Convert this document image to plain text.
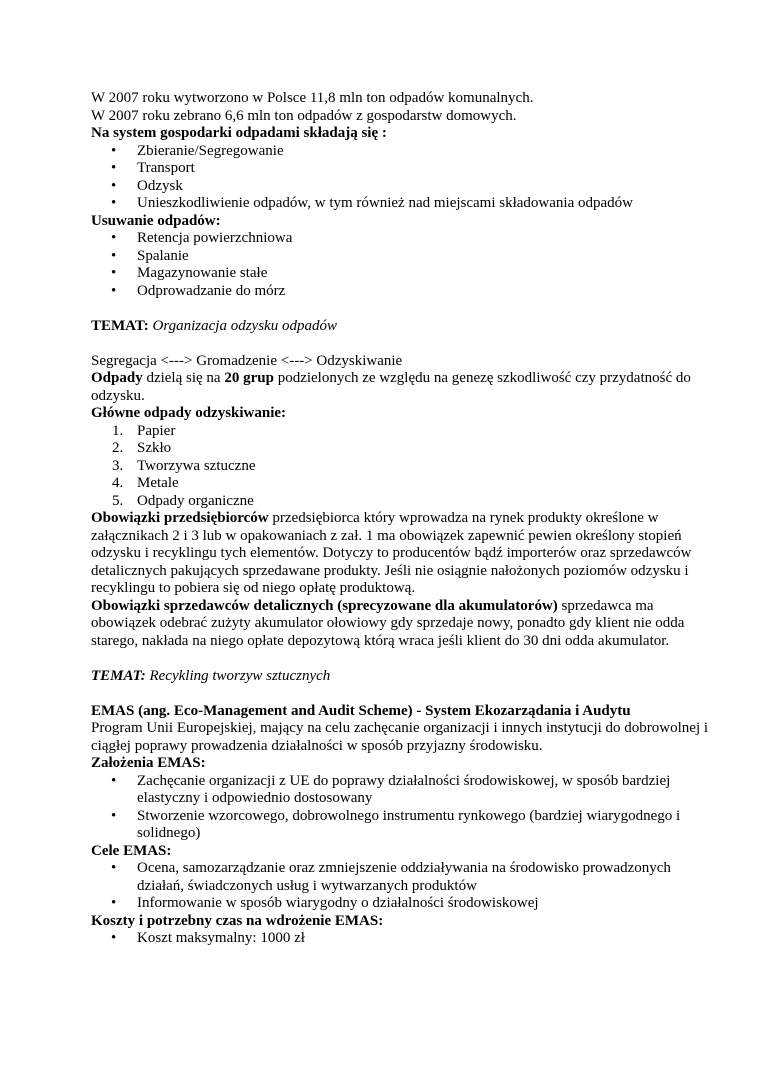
W 2007 roku wytworzono w Polsce 11,8 mln ton odpadów komunalnych.

W 2007 roku zebrano 6,6 mln ton odpadów z gospodarstw domowych.

Na system gospodarki odpadami składają się :

• Zbieranie/Segregowanie
• Transport
• Odzysk
• Unieszkodliwienie odpadów, w tym również nad miejscami składowania odpadów

Usuwanie odpadów:

• Retencja powierzchniowa
• Spalanie
• Magazynowanie stałe
• Odprowadzanie do mórz

TEMAT: Organizacja odzysku odpadów

Segregacja <---> Gromadzenie <---> Odzyskiwanie

Odpady dzielą się na 20 grup podzielonych ze względu na genezę szkodliwość czy przydatność do odzysku.

Główne odpady odzyskiwanie:

1. Papier
2. Szkło
3. Tworzywa sztuczne
4. Metale
5. Odpady organiczne

Obowiązki przedsiębiorców przedsiębiorca który wprowadza na rynek produkty określone w załącznikach 2 i 3 lub w opakowaniach z zał. 1 ma obowiązek zapewnić pewien określony stopień odzysku i recyklingu tych elementów. Dotyczy to producentów bądź importerów oraz sprzedawców detalicznych pakujących sprzedawane produkty. Jeśli nie osiągnie nałożonych poziomów odzysku i recyklingu to pobiera się od niego opłatę produktową.

Obowiązki sprzedawców detalicznych (sprecyzowane dla akumulatorów) sprzedawca ma obowiązek odebrać zużyty akumulator ołowiowy gdy sprzedaje nowy, ponadto gdy klient nie odda starego, nakłada na niego opłate depozytową którą wraca jeśli klient do 30 dni odda akumulator.

TEMAT: Recykling tworzyw sztucznych

EMAS (ang. Eco-Management and Audit Scheme) - System Ekozarządania i Audytu

Program Unii Europejskiej, mający na celu zachęcanie organizacji i innych instytucji do dobrowolnej i ciągłej poprawy prowadzenia działalności w sposób przyjazny środowisku.

Założenia EMAS:

• Zachęcanie organizacji z UE do poprawy działalności środowiskowej, w sposób bardziej elastyczny i odpowiednio dostosowany
• Stworzenie wzorcowego, dobrowolnego instrumentu rynkowego (bardziej wiarygodnego i solidnego)

Cele EMAS:

• Ocena, samozarządzanie oraz zmniejszenie oddziaływania na środowisko prowadzonych działań, świadczonych usług i wytwarzanych produktów
• Informowanie w sposób wiarygodny o działalności środowiskowej

Koszty i potrzebny czas na wdrożenie EMAS:

• Koszt maksymalny: 1000 zł
